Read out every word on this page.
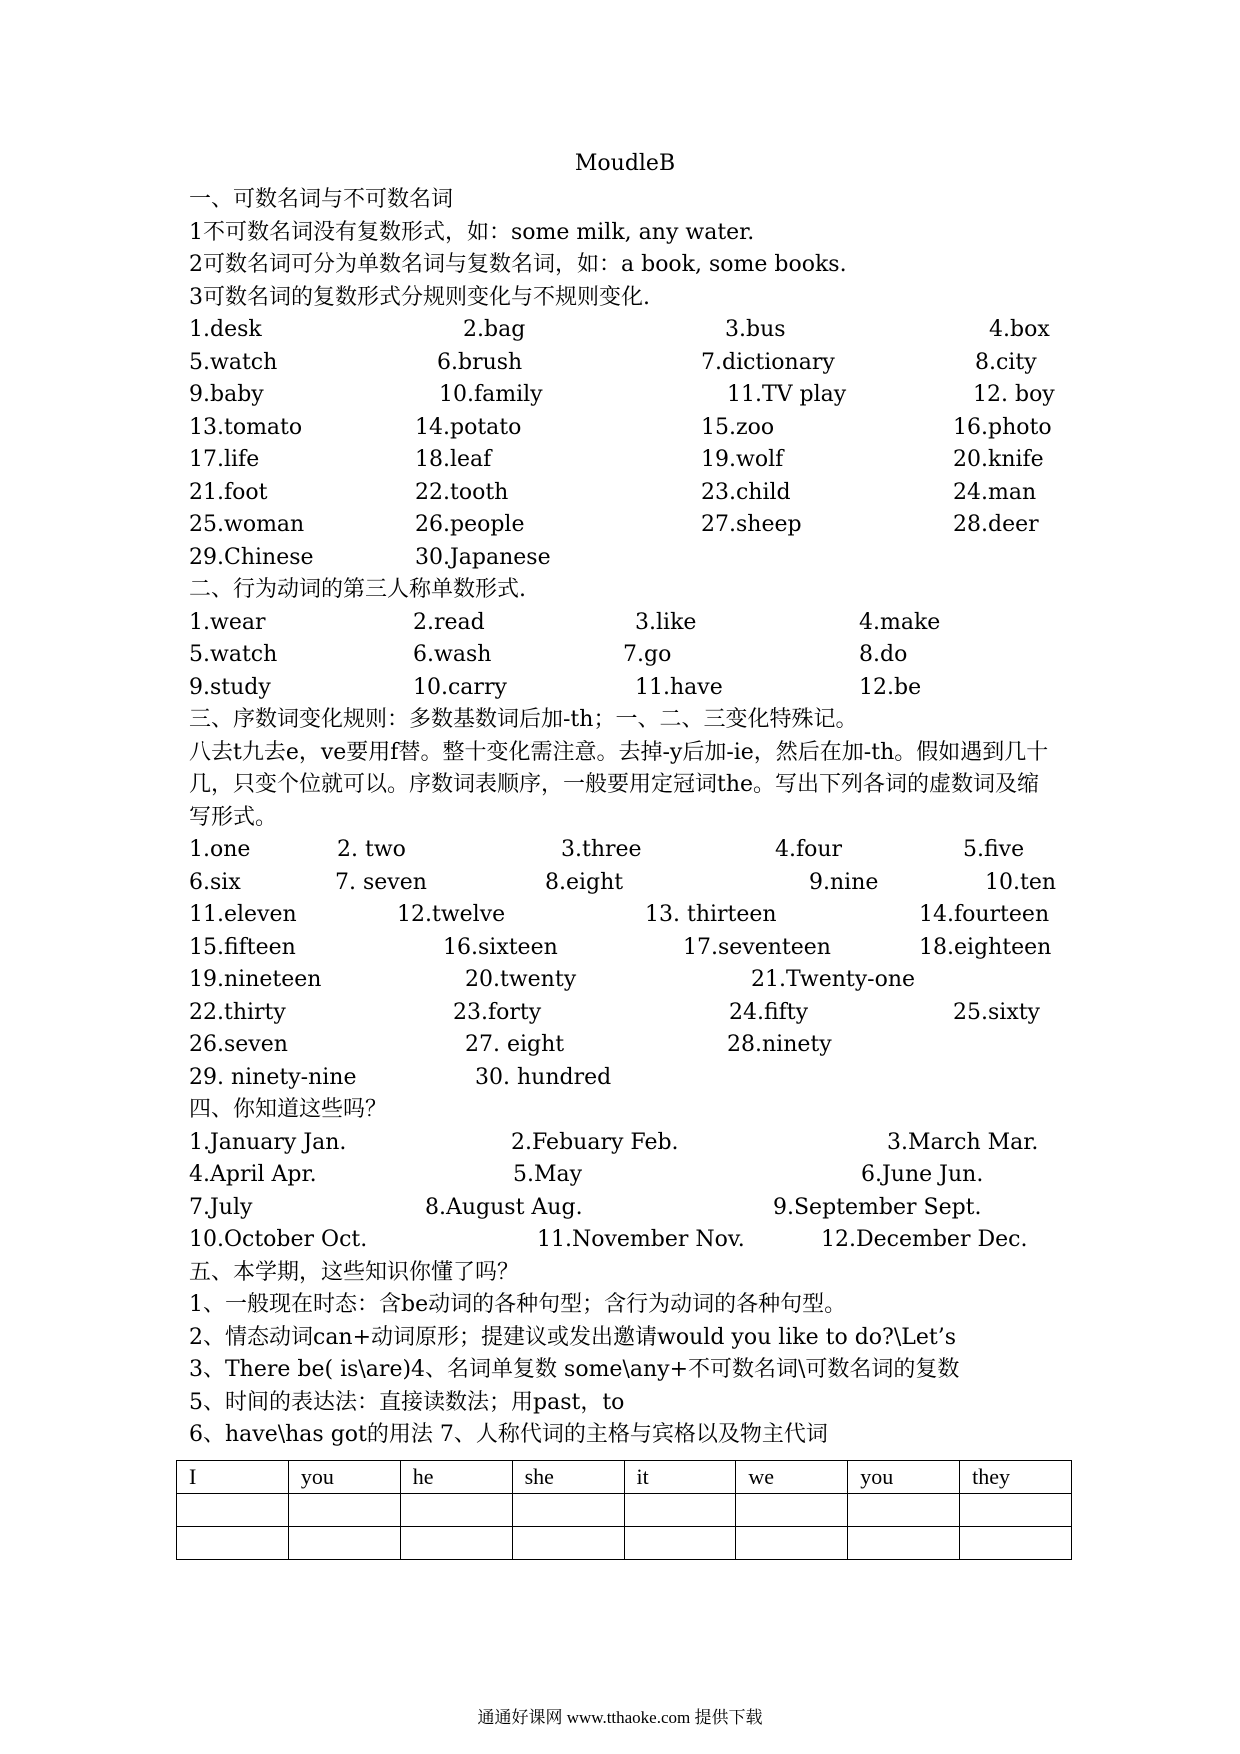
MoudleB
一、可数名词与不可数名词
1不可数名词没有复数形式，如：some milk, any water.
2可数名词可分为单数名词与复数名词，如：a book, some books.
3可数名词的复数形式分规则变化与不规则变化.
1.desk	2.bag	3.bus	4.box
5.watch	6.brush	7.dictionary	8.city
9.baby	10.family	11.TV play	12. boy
13.tomato	14.potato	15.zoo	16.photo
17.life	18.leaf	19.wolf	20.knife
21.foot	22.tooth	23.child	24.man
25.woman	26.people	27.sheep	28.deer
29.Chinese	30.Japanese
二、行为动词的第三人称单数形式.
1.wear	2.read	3.like	4.make
5.watch	6.wash	7.go	8.do
9.study	10.carry	11.have	12.be
三、序数词变化规则：多数基数词后加-th；一、二、三变化特殊记。
八去t九去e，ve要用f替。整十变化需注意。去掉-y后加-ie，然后在加-th。假如遇到几十几，只变个位就可以。序数词表顺序，一般要用定冠词the。写出下列各词的虚数词及缩写形式。
1.one	2. two	3.three	4.four	5.five
6.six	7. seven	8.eight	9.nine	10.ten
11.eleven	12.twelve	13. thirteen	14.fourteen
15.fifteen	16.sixteen	17.seventeen	18.eighteen
19.nineteen	20.twenty	21.Twenty-one
22.thirty	23.forty	24.fifty	25.sixty
26.seven	27. eight	28.ninety
29. ninety-nine	30. hundred
四、你知道这些吗？
1.January Jan.	2.Febuary Feb.	3.March Mar.
4.April Apr.	5.May	6.June Jun.
7.July	8.August Aug.	9.September Sept.
10.October Oct.	11.November Nov.	12.December Dec.
五、本学期，这些知识你懂了吗？
1、一般现在时态：含be动词的各种句型；含行为动词的各种句型。
2、情态动词can+动词原形；提建议或发出邀请would you like to do?\Let’s
3、There be( is\are)4、名词单复数 some\any+不可数名词\可数名词的复数
5、时间的表达法：直接读数法；用past，to
6、have\has got的用法 7、人称代词的主格与宾格以及物主代词
I	you	he	she	it	we	you	they

通通好课网 www.tthaoke.com 提供下载
